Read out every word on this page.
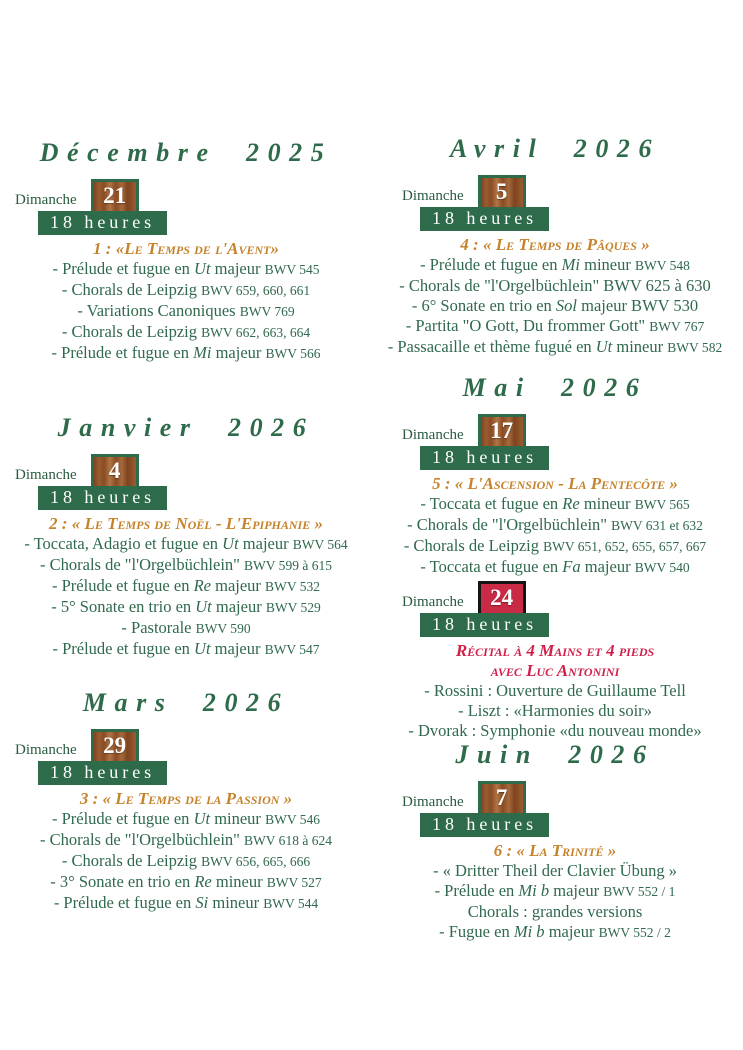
Décembre 2025
Dimanche	21
18 heures
1 : «Le Temps de l'Avent»
- Prélude et fugue en Ut majeur BWV 545
- Chorals de Leipzig BWV 659, 660, 661
- Variations Canoniques BWV 769
- Chorals de Leipzig BWV 662, 663, 664
- Prélude et fugue en Mi majeur BWV 566
Janvier 2026
Dimanche	4
18 heures
2 : « Le Temps de Noël - L'Epiphanie »
- Toccata, Adagio et fugue en Ut majeur BWV 564
- Chorals de "l'Orgelbüchlein" BWV 599 à 615
- Prélude et fugue en Re majeur BWV 532
- 5° Sonate en trio en Ut majeur BWV 529
- Pastorale BWV 590
- Prélude et fugue en Ut majeur BWV 547
Mars 2026
Dimanche	29
18 heures
3 : « Le Temps de la Passion »
- Prélude et fugue en Ut mineur BWV 546
- Chorals de "l'Orgelbüchlein" BWV 618 à 624
- Chorals de Leipzig BWV 656, 665, 666
- 3° Sonate en trio en Re mineur BWV 527
- Prélude et fugue en Si mineur BWV 544
Avril 2026
Dimanche	5
18 heures
4 : « Le Temps de Pâques »
- Prélude et fugue en Mi mineur BWV 548
- Chorals de "l'Orgelbüchlein" BWV 625 à 630
- 6° Sonate en trio en Sol majeur BWV 530
- Partita "O Gott, Du frommer Gott" BWV 767
- Passacaille et thème fugué en Ut mineur BWV 582
Mai 2026
Dimanche	17
18 heures
5 : « L'Ascension - La Pentecôte »
- Toccata et fugue en Re mineur BWV 565
- Chorals de "l'Orgelbüchlein" BWV 631 et 632
- Chorals de Leipzig BWV 651, 652, 655, 657, 667
- Toccata et fugue en Fa majeur BWV 540
Dimanche	24
18 heures
Récital à 4 Mains et 4 pieds
avec Luc Antonini
- Rossini : Ouverture de Guillaume Tell
- Liszt : «Harmonies du soir»
- Dvorak : Symphonie «du nouveau monde»
Juin 2026
Dimanche	7
18 heures
6 : « La Trinité »
- « Dritter Theil der Clavier Übung »
- Prélude en Mi b majeur BWV 552 / 1
Chorals : grandes versions
- Fugue en Mi b majeur BWV 552 / 2
